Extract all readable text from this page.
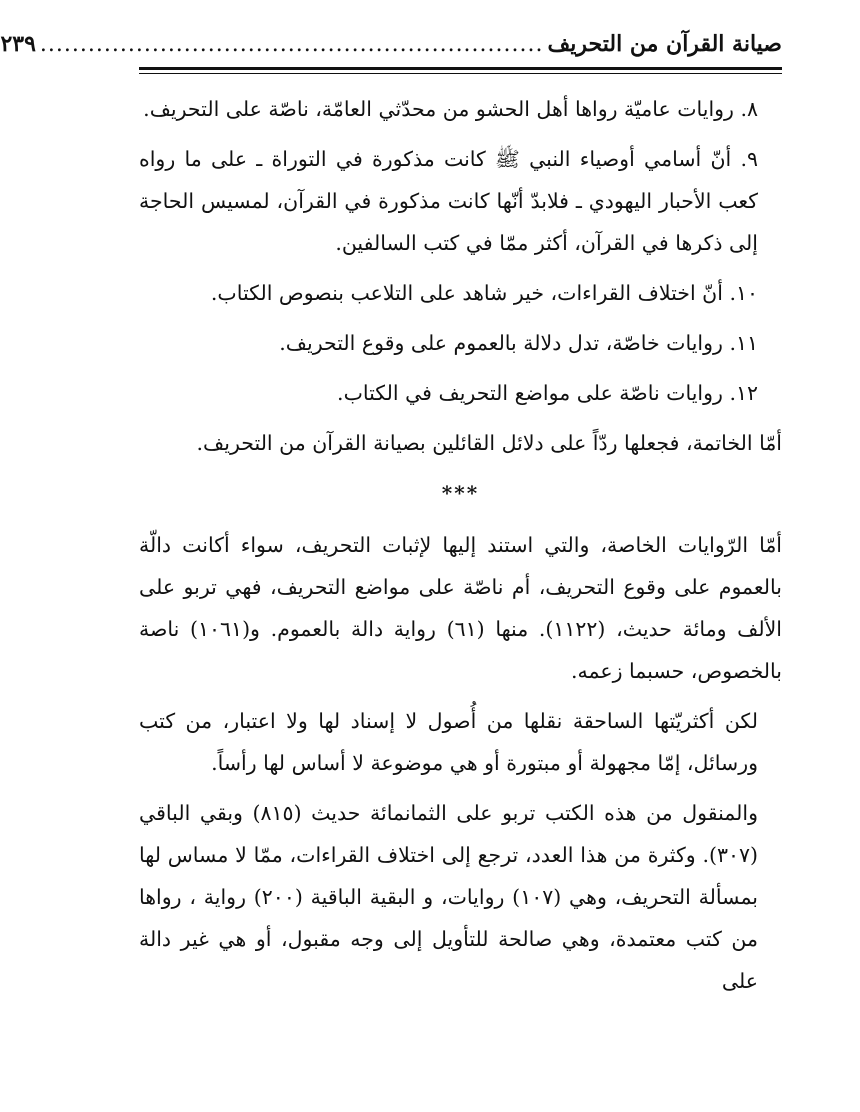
صيانة القرآن من التحريف
...............................................................
٢٣٩

٨. روايات عاميّة رواها أهل الحشو من محدّثي العامّة، ناصّة على التحريف.

٩. أنّ أسامي أوصياء النبي ﷺ كانت مذكورة في التوراة ـ على ما رواه كعب الأحبار اليهودي ـ فلابدّ أنّها كانت مذكورة في القرآن، لمسيس الحاجة إلى ذكرها في القرآن، أكثر ممّا في كتب السالفين.

١٠. أنّ اختلاف القراءات، خير شاهد على التلاعب بنصوص الكتاب.

١١. روايات خاصّة، تدل دلالة بالعموم على وقوع التحريف.

١٢. روايات ناصّة على مواضع التحريف في الكتاب.

أمّا الخاتمة، فجعلها ردّاً على دلائل القائلين بصيانة القرآن من التحريف.

***

أمّا الرّوايات الخاصة، والتي استند إليها لإثبات التحريف، سواء أكانت دالّة بالعموم على وقوع التحريف، أم ناصّة على مواضع التحريف، فهي تربو على الألف ومائة حديث، (١١٢٢). منها (٦١) رواية دالة بالعموم. و(١٠٦١) ناصة بالخصوص، حسبما زعمه.

لكن أكثريّتها الساحقة نقلها من أُصول لا إسناد لها ولا اعتبار، من كتب ورسائل، إمّا مجهولة أو مبتورة أو هي موضوعة لا أساس لها رأساً.

والمنقول من هذه الكتب تربو على الثمانمائة حديث (٨١٥) وبقي الباقي (٣٠٧). وكثرة من هذا العدد، ترجع إلى اختلاف القراءات، ممّا لا مساس لها بمسألة التحريف، وهي (١٠٧) روايات، و البقية الباقية (٢٠٠) رواية ، رواها من كتب معتمدة، وهي صالحة للتأويل إلى وجه مقبول، أو هي غير دالة على
